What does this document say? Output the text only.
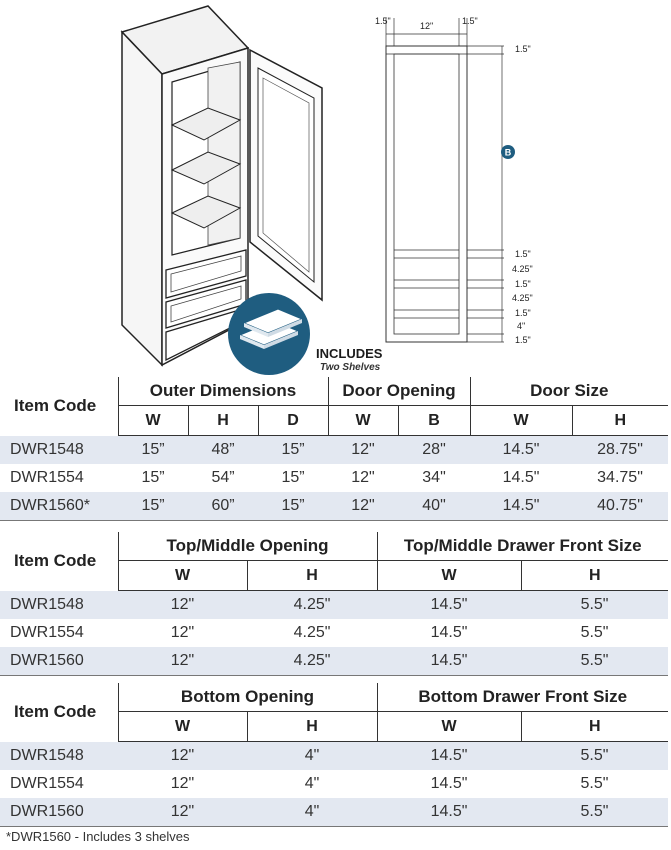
INCLUDES
Two Shelves
1.5"	12"	1.5"
B
1.5"
1.5"
4.25"
1.5"
4.25"
1.5"
4"
1.5"
Item Code	Outer Dimensions			Door Opening		Door Size	
	W	H	D	W	B	W	H
DWR1548	15”	48”	15”	12"	28"	14.5"	28.75"
DWR1554	15”	54”	15”	12"	34"	14.5"	34.75"
DWR1560*	15”	60”	15”	12"	40"	14.5"	40.75"
Item Code	Top/Middle Opening		Top/Middle Drawer Front Size	
	W	H	W	H
DWR1548	12"	4.25"	14.5"	5.5"
DWR1554	12"	4.25"	14.5"	5.5"
DWR1560	12"	4.25"	14.5"	5.5"
Item Code	Bottom Opening		Bottom Drawer Front Size	
	W	H	W	H
DWR1548	12"	4"	14.5"	5.5"
DWR1554	12"	4"	14.5"	5.5"
DWR1560	12"	4"	14.5"	5.5"
*DWR1560 - Includes 3 shelves
